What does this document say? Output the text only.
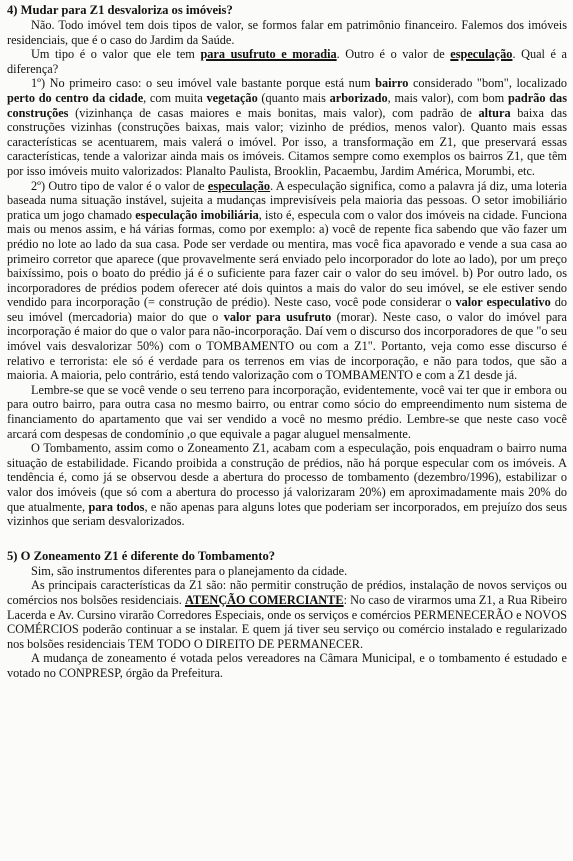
4) Mudar para Z1 desvaloriza os imóveis?

Não. Todo imóvel tem dois tipos de valor, se formos falar em patrimônio financeiro. Falemos dos imóveis residenciais, que é o caso do Jardim da Saúde.

Um tipo é o valor que ele tem para usufruto e moradia. Outro é o valor de especulação. Qual é a diferença?

1º) No primeiro caso: o seu imóvel vale bastante porque está num bairro considerado "bom", localizado perto do centro da cidade, com muita vegetação (quanto mais arborizado, mais valor), com bom padrão das construções (vizinhança de casas maiores e mais bonitas, mais valor), com padrão de altura baixa das construções vizinhas (construções baixas, mais valor; vizinho de prédios, menos valor). Quanto mais essas características se acentuarem, mais valerá o imóvel. Por isso, a transformação em Z1, que preservará essas características, tende a valorizar ainda mais os imóveis. Citamos sempre como exemplos os bairros Z1, que têm por isso imóveis muito valorizados: Planalto Paulista, Brooklin, Pacaembu, Jardim América, Morumbi, etc.

2º) Outro tipo de valor é o valor de especulação. A especulação significa, como a palavra já diz, uma loteria baseada numa situação instável, sujeita a mudanças imprevisíveis pela maioria das pessoas. O setor imobiliário pratica um jogo chamado especulação imobiliária, isto é, especula com o valor dos imóveis na cidade. Funciona mais ou menos assim, e há várias formas, como por exemplo: a) você de repente fica sabendo que vão fazer um prédio no lote ao lado da sua casa. Pode ser verdade ou mentira, mas você fica apavorado e vende a sua casa ao primeiro corretor que aparece (que provavelmente será enviado pelo incorporador do lote ao lado), por um preço baixíssimo, pois o boato do prédio já é o suficiente para fazer cair o valor do seu imóvel. b) Por outro lado, os incorporadores de prédios podem oferecer até dois quintos a mais do valor do seu imóvel, se ele estiver sendo vendido para incorporação (= construção de prédio). Neste caso, você pode considerar o valor especulativo do seu imóvel (mercadoria) maior do que o valor para usufruto (morar). Neste caso, o valor do imóvel para incorporação é maior do que o valor para não-incorporação. Daí vem o discurso dos incorporadores de que "o seu imóvel vais desvalorizar 50%) com o TOMBAMENTO ou com a Z1". Portanto, veja como esse discurso é relativo e terrorista: ele só é verdade para os terrenos em vias de incorporação, e não para todos, que são a maioria. A maioria, pelo contrário, está tendo valorização com o TOMBAMENTO e com a Z1 desde já.

Lembre-se que se você vende o seu terreno para incorporação, evidentemente, você vai ter que ir embora ou para outro bairro, para outra casa no mesmo bairro, ou entrar como sócio do empreendimento num sistema de financiamento do apartamento que vai ser vendido a você no mesmo prédio. Lembre-se que neste caso você arcará com despesas de condomínio ,o que equivale a pagar aluguel mensalmente.

O Tombamento, assim como o Zoneamento Z1, acabam com a especulação, pois enquadram o bairro numa situação de estabilidade. Ficando proibida a construção de prédios, não há porque especular com os imóveis. A tendência é, como já se observou desde a abertura do processo de tombamento (dezembro/1996), estabilizar o valor dos imóveis (que só com a abertura do processo já valorizaram 20%) em aproximadamente mais 20% do que atualmente, para todos, e não apenas para alguns lotes que poderiam ser incorporados, em prejuízo dos seus vizinhos que seriam desvalorizados.

5) O Zoneamento Z1 é diferente do Tombamento?

Sim, são instrumentos diferentes para o planejamento da cidade.

As principais características da Z1 são: não permitir construção de prédios, instalação de novos serviços ou comércios nos bolsões residenciais. ATENÇÃO COMERCIANTE: No caso de virarmos uma Z1, a Rua Ribeiro Lacerda e Av. Cursino virarão Corredores Especiais, onde os serviços e comércios PERMENECERÃO e NOVOS COMÉRCIOS poderão continuar a se instalar. E quem já tiver seu serviço ou comércio instalado e regularizado nos bolsões residenciais TEM TODO O DIREITO DE PERMANECER.

A mudança de zoneamento é votada pelos vereadores na Câmara Municipal, e o tombamento é estudado e votado no CONPRESP, órgão da Prefeitura.
